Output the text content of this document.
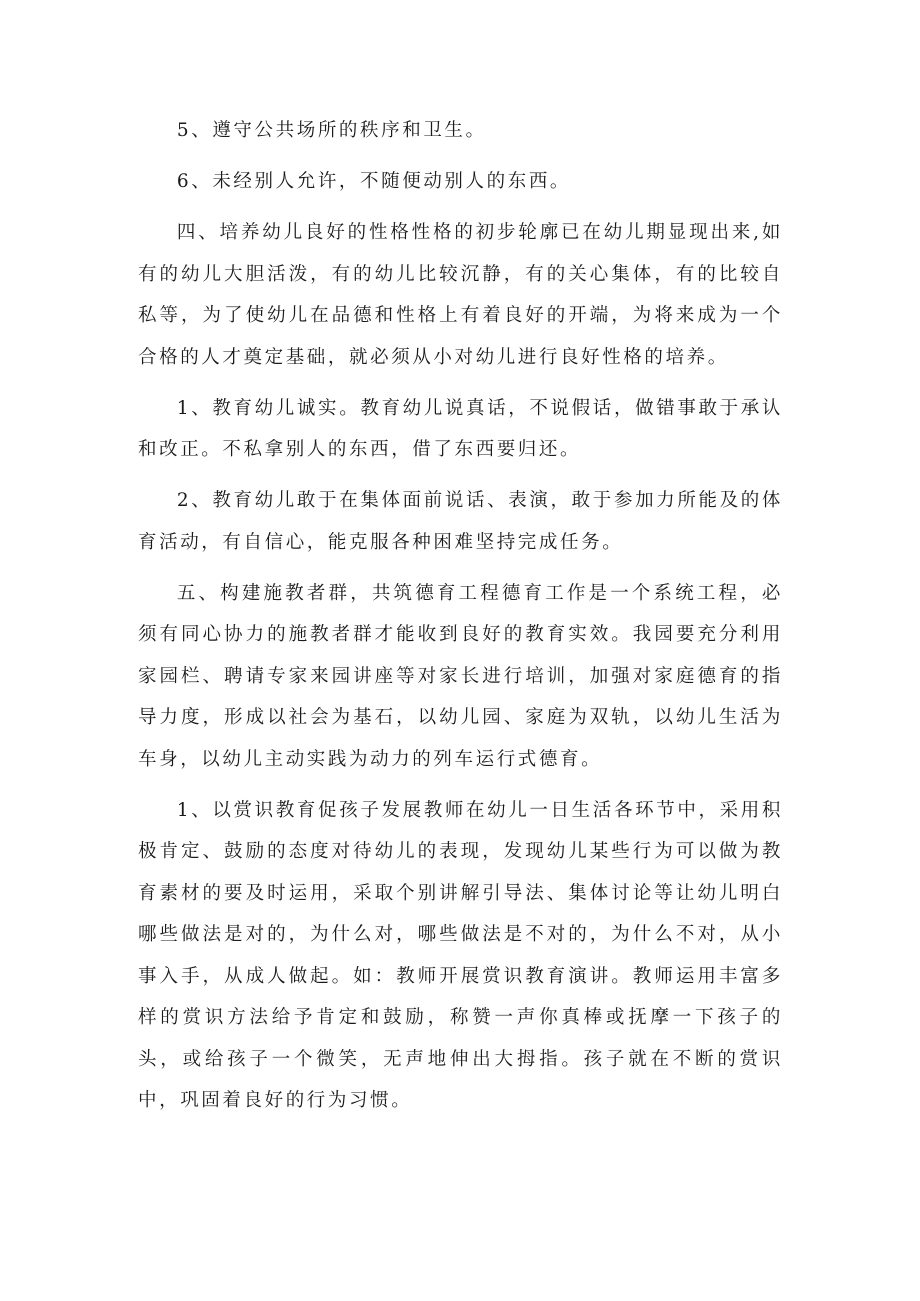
5、遵守公共场所的秩序和卫生。

6、未经别人允许，不随便动别人的东西。

四、培养幼儿良好的性格性格的初步轮廓已在幼儿期显现出来,如有的幼儿大胆活泼，有的幼儿比较沉静，有的关心集体，有的比较自私等，为了使幼儿在品德和性格上有着良好的开端，为将来成为一个合格的人才奠定基础，就必须从小对幼儿进行良好性格的培养。

1、教育幼儿诚实。教育幼儿说真话，不说假话，做错事敢于承认和改正。不私拿别人的东西，借了东西要归还。

2、教育幼儿敢于在集体面前说话、表演，敢于参加力所能及的体育活动，有自信心，能克服各种困难坚持完成任务。

五、构建施教者群，共筑德育工程德育工作是一个系统工程，必须有同心协力的施教者群才能收到良好的教育实效。我园要充分利用家园栏、聘请专家来园讲座等对家长进行培训，加强对家庭德育的指导力度，形成以社会为基石，以幼儿园、家庭为双轨，以幼儿生活为车身，以幼儿主动实践为动力的列车运行式德育。

1、以赏识教育促孩子发展教师在幼儿一日生活各环节中，采用积极肯定、鼓励的态度对待幼儿的表现，发现幼儿某些行为可以做为教育素材的要及时运用，采取个别讲解引导法、集体讨论等让幼儿明白哪些做法是对的，为什么对，哪些做法是不对的，为什么不对，从小事入手，从成人做起。如：教师开展赏识教育演讲。教师运用丰富多样的赏识方法给予肯定和鼓励，称赞一声你真棒或抚摩一下孩子的头，或给孩子一个微笑，无声地伸出大拇指。孩子就在不断的赏识中，巩固着良好的行为习惯。
